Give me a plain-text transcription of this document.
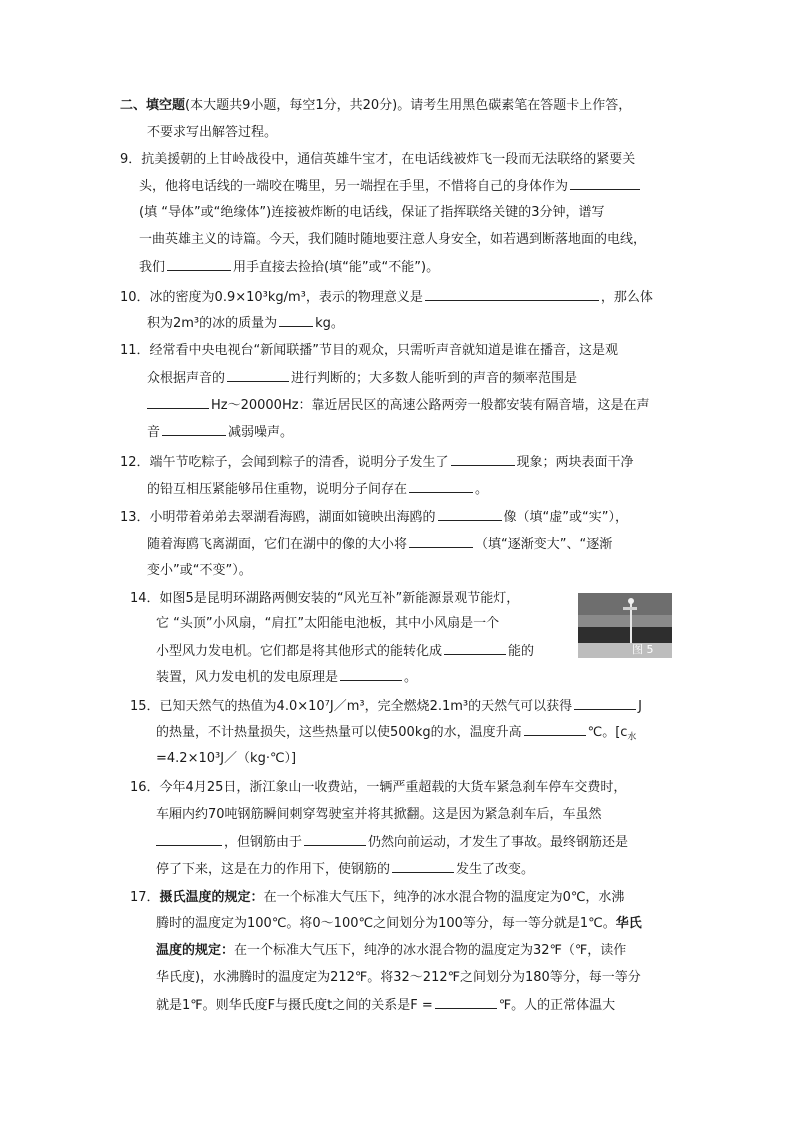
二、填空题(本大题共9小题，每空1分，共20分)。请考生用黑色碳素笔在答题卡上作答，
不要求写出解答过程。
9．抗美援朝的上甘岭战役中，通信英雄牛宝才，在电话线被炸飞一段而无法联络的紧要关
头，他将电话线的一端咬在嘴里，另一端捏在手里，不惜将自己的身体作为
(填 “导体”或“绝缘体”)连接被炸断的电话线，保证了指挥联络关键的3分钟，谱写
一曲英雄主义的诗篇。今天，我们随时随地要注意人身安全，如若遇到断落地面的电线，
我们	用手直接去捡拾(填“能”或“不能”)。
10．冰的密度为0.9×10³kg/m³，表示的物理意义是	，那么体
积为2m³的冰的质量为	kg。
11．经常看中央电视台“新闻联播”节目的观众，只需听声音就知道是谁在播音，这是观
众根据声音的	进行判断的；大多数人能听到的声音的频率范围是
Hz～20000Hz：靠近居民区的高速公路两旁一般都安装有隔音墙，这是在声
音	减弱噪声。
12．端午节吃粽子，会闻到粽子的清香，说明分子发生了	现象；两块表面干净
的铅互相压紧能够吊住重物，说明分子间存在	。
13．小明带着弟弟去翠湖看海鸥，湖面如镜映出海鸥的	像（填“虚”或“实”），
随着海鸥飞离湖面，它们在湖中的像的大小将	（填“逐渐变大”、“逐渐
变小”或“不变”）。
14．如图5是昆明环湖路两侧安装的“风光互补”新能源景观节能灯，
它 “头顶”小风扇，“肩扛”太阳能电池板，其中小风扇是一个
小型风力发电机。它们都是将其他形式的能转化成	能的
装置，风力发电机的发电原理是	。
图 5
15．已知天然气的热值为4.0×10⁷J／m³，完全燃烧2.1m³的天然气可以获得	J
的热量，不计热量损失，这些热量可以使500kg的水，温度升高	℃。[$c_水$
=4.2×10³J／（kg·℃）]
16．今年4月25日，浙江象山一收费站，一辆严重超载的大货车紧急刹车停车交费时，
车厢内约70吨钢筋瞬间刺穿驾驶室并将其掀翻。这是因为紧急刹车后，车虽然
，但钢筋由于	仍然向前运动，才发生了事故。最终钢筋还是
停了下来，这是在力的作用下，使钢筋的	发生了改变。
17．摄氏温度的规定：在一个标准大气压下，纯净的冰水混合物的温度定为0℃，水沸
腾时的温度定为100℃。将0～100℃之间划分为100等分，每一等分就是1℃。华氏
温度的规定：在一个标准大气压下，纯净的冰水混合物的温度定为32℉（℉，读作
华氏度)，水沸腾时的温度定为212℉。将32～212℉之间划分为180等分，每一等分
就是1℉。则华氏度F与摄氏度t之间的关系是F =	℉。人的正常体温大
